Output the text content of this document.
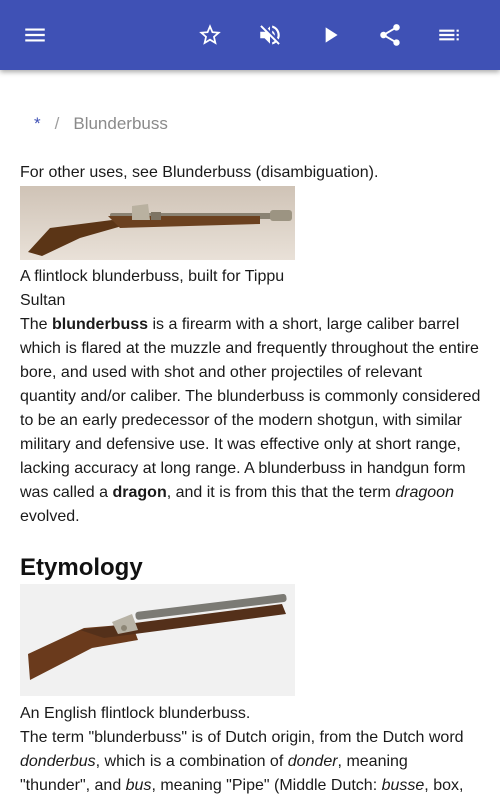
* / Blunderbuss

For other uses, see Blunderbuss (disambiguation).

A flintlock blunderbuss, built for Tippu Sultan

The blunderbuss is a firearm with a short, large caliber barrel which is flared at the muzzle and frequently throughout the entire bore, and used with shot and other projectiles of relevant quantity and/or caliber. The blunderbuss is commonly considered to be an early predecessor of the modern shotgun, with similar military and defensive use. It was effective only at short range, lacking accuracy at long range. A blunderbuss in handgun form was called a dragon, and it is from this that the term dragoon evolved.

Etymology

An English flintlock blunderbuss.

The term "blunderbuss" is of Dutch origin, from the Dutch word donderbus, which is a combination of donder, meaning "thunder", and bus, meaning "Pipe" (Middle Dutch: busse, box,
